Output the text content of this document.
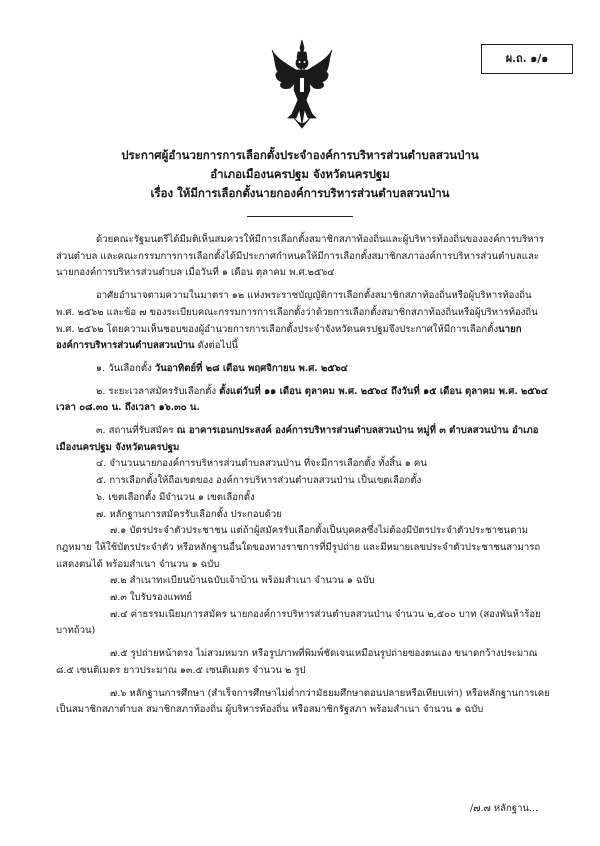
ผ.ถ. ๑/๑
ประกาศผู้อำนวยการการเลือกตั้งประจำองค์การบริหารส่วนตำบลสวนป่าน
อำเภอเมืองนครปฐม จังหวัดนครปฐม
เรื่อง ให้มีการเลือกตั้งนายกองค์การบริหารส่วนตำบลสวนป่าน

ด้วยคณะรัฐมนตรีได้มีมติเห็นสมควรให้มีการเลือกตั้งสมาชิกสภาท้องถิ่นและผู้บริหารท้องถิ่นขององค์การบริหารส่วนตำบล และคณะกรรมการการเลือกตั้งได้มีประกาศกำหนดให้มีการเลือกตั้งสมาชิกสภาองค์การบริหารส่วนตำบลและนายกองค์การบริหารส่วนตำบล เมื่อวันที่ ๑ เดือน ตุลาคม พ.ศ.๒๕๖๔

อาศัยอำนาจตามความในมาตรา ๑๒ แห่งพระราชบัญญัติการเลือกตั้งสมาชิกสภาท้องถิ่นหรือผู้บริหารท้องถิ่น พ.ศ. ๒๕๖๒ และข้อ ๗ ของระเบียบคณะกรรมการการเลือกตั้งว่าด้วยการเลือกตั้งสมาชิกสภาท้องถิ่นหรือผู้บริหารท้องถิ่น พ.ศ. ๒๕๖๒ โดยความเห็นชอบของผู้อำนวยการการเลือกตั้งประจำจังหวัดนครปฐมจึงประกาศให้มีการเลือกตั้งนายกองค์การบริหารส่วนตำบลสวนป่าน ดังต่อไปนี้

๑. วันเลือกตั้ง วันอาทิตย์ที่ ๒๘ เดือน พฤศจิกายน พ.ศ. ๒๕๖๔

๒. ระยะเวลาสมัครรับเลือกตั้ง ตั้งแต่วันที่ ๑๑ เดือน ตุลาคม พ.ศ. ๒๕๖๔ ถึงวันที่ ๑๕ เดือน ตุลาคม พ.ศ. ๒๕๖๔ เวลา ๐๘.๓๐ น. ถึงเวลา ๑๖.๓๐ น.

๓. สถานที่รับสมัคร ณ อาคารเอนกประสงค์ องค์การบริหารส่วนตำบลสวนป่าน หมู่ที่ ๓ ตำบลสวนป่าน อำเภอเมืองนครปฐม จังหวัดนครปฐม

๔. จำนวนนายกองค์การบริหารส่วนตำบลสวนป่าน ที่จะมีการเลือกตั้ง ทั้งสิ้น ๑ คน

๕. การเลือกตั้งให้ถือเขตของ องค์การบริหารส่วนตำบลสวนป่าน เป็นเขตเลือกตั้ง

๖. เขตเลือกตั้ง มีจำนวน ๑ เขตเลือกตั้ง

๗. หลักฐานการสมัครรับเลือกตั้ง ประกอบด้วย

๗.๑ บัตรประจำตัวประชาชน แต่ถ้าผู้สมัครรับเลือกตั้งเป็นบุคคลซึ่งไม่ต้องมีบัตรประจำตัวประชาชนตามกฎหมาย ให้ใช้บัตรประจำตัว หรือหลักฐานอื่นใดของทางราชการที่มีรูปถ่าย และมีหมายเลขประจำตัวประชาชนสามารถแสดงตนได้ พร้อมสำเนา จำนวน ๑ ฉบับ

๗.๒ สำเนาทะเบียนบ้านฉบับเจ้าบ้าน พร้อมสำเนา จำนวน ๑ ฉบับ

๗.๓ ใบรับรองแพทย์

๗.๔ ค่าธรรมเนียมการสมัคร นายกองค์การบริหารส่วนตำบลสวนป่าน จำนวน ๒,๕๐๐ บาท (สองพันห้าร้อยบาทถ้วน)

๗.๕ รูปถ่ายหน้าตรง ไม่สวมหมวก หรือรูปภาพที่พิมพ์ชัดเจนเหมือนรูปถ่ายของตนเอง ขนาดกว้างประมาณ ๘.๕ เซนติเมตร ยาวประมาณ ๑๓.๕ เซนติเมตร จำนวน ๒ รูป

๗.๖ หลักฐานการศึกษา (สำเร็จการศึกษาไม่ต่ำกว่ามัธยมศึกษาตอนปลายหรือเทียบเท่า) หรือหลักฐานการเคยเป็นสมาชิกสภาตำบล สมาชิกสภาท้องถิ่น ผู้บริหารท้องถิ่น หรือสมาชิกรัฐสภา พร้อมสำเนา จำนวน ๑ ฉบับ

/๗.๗ หลักฐาน...
